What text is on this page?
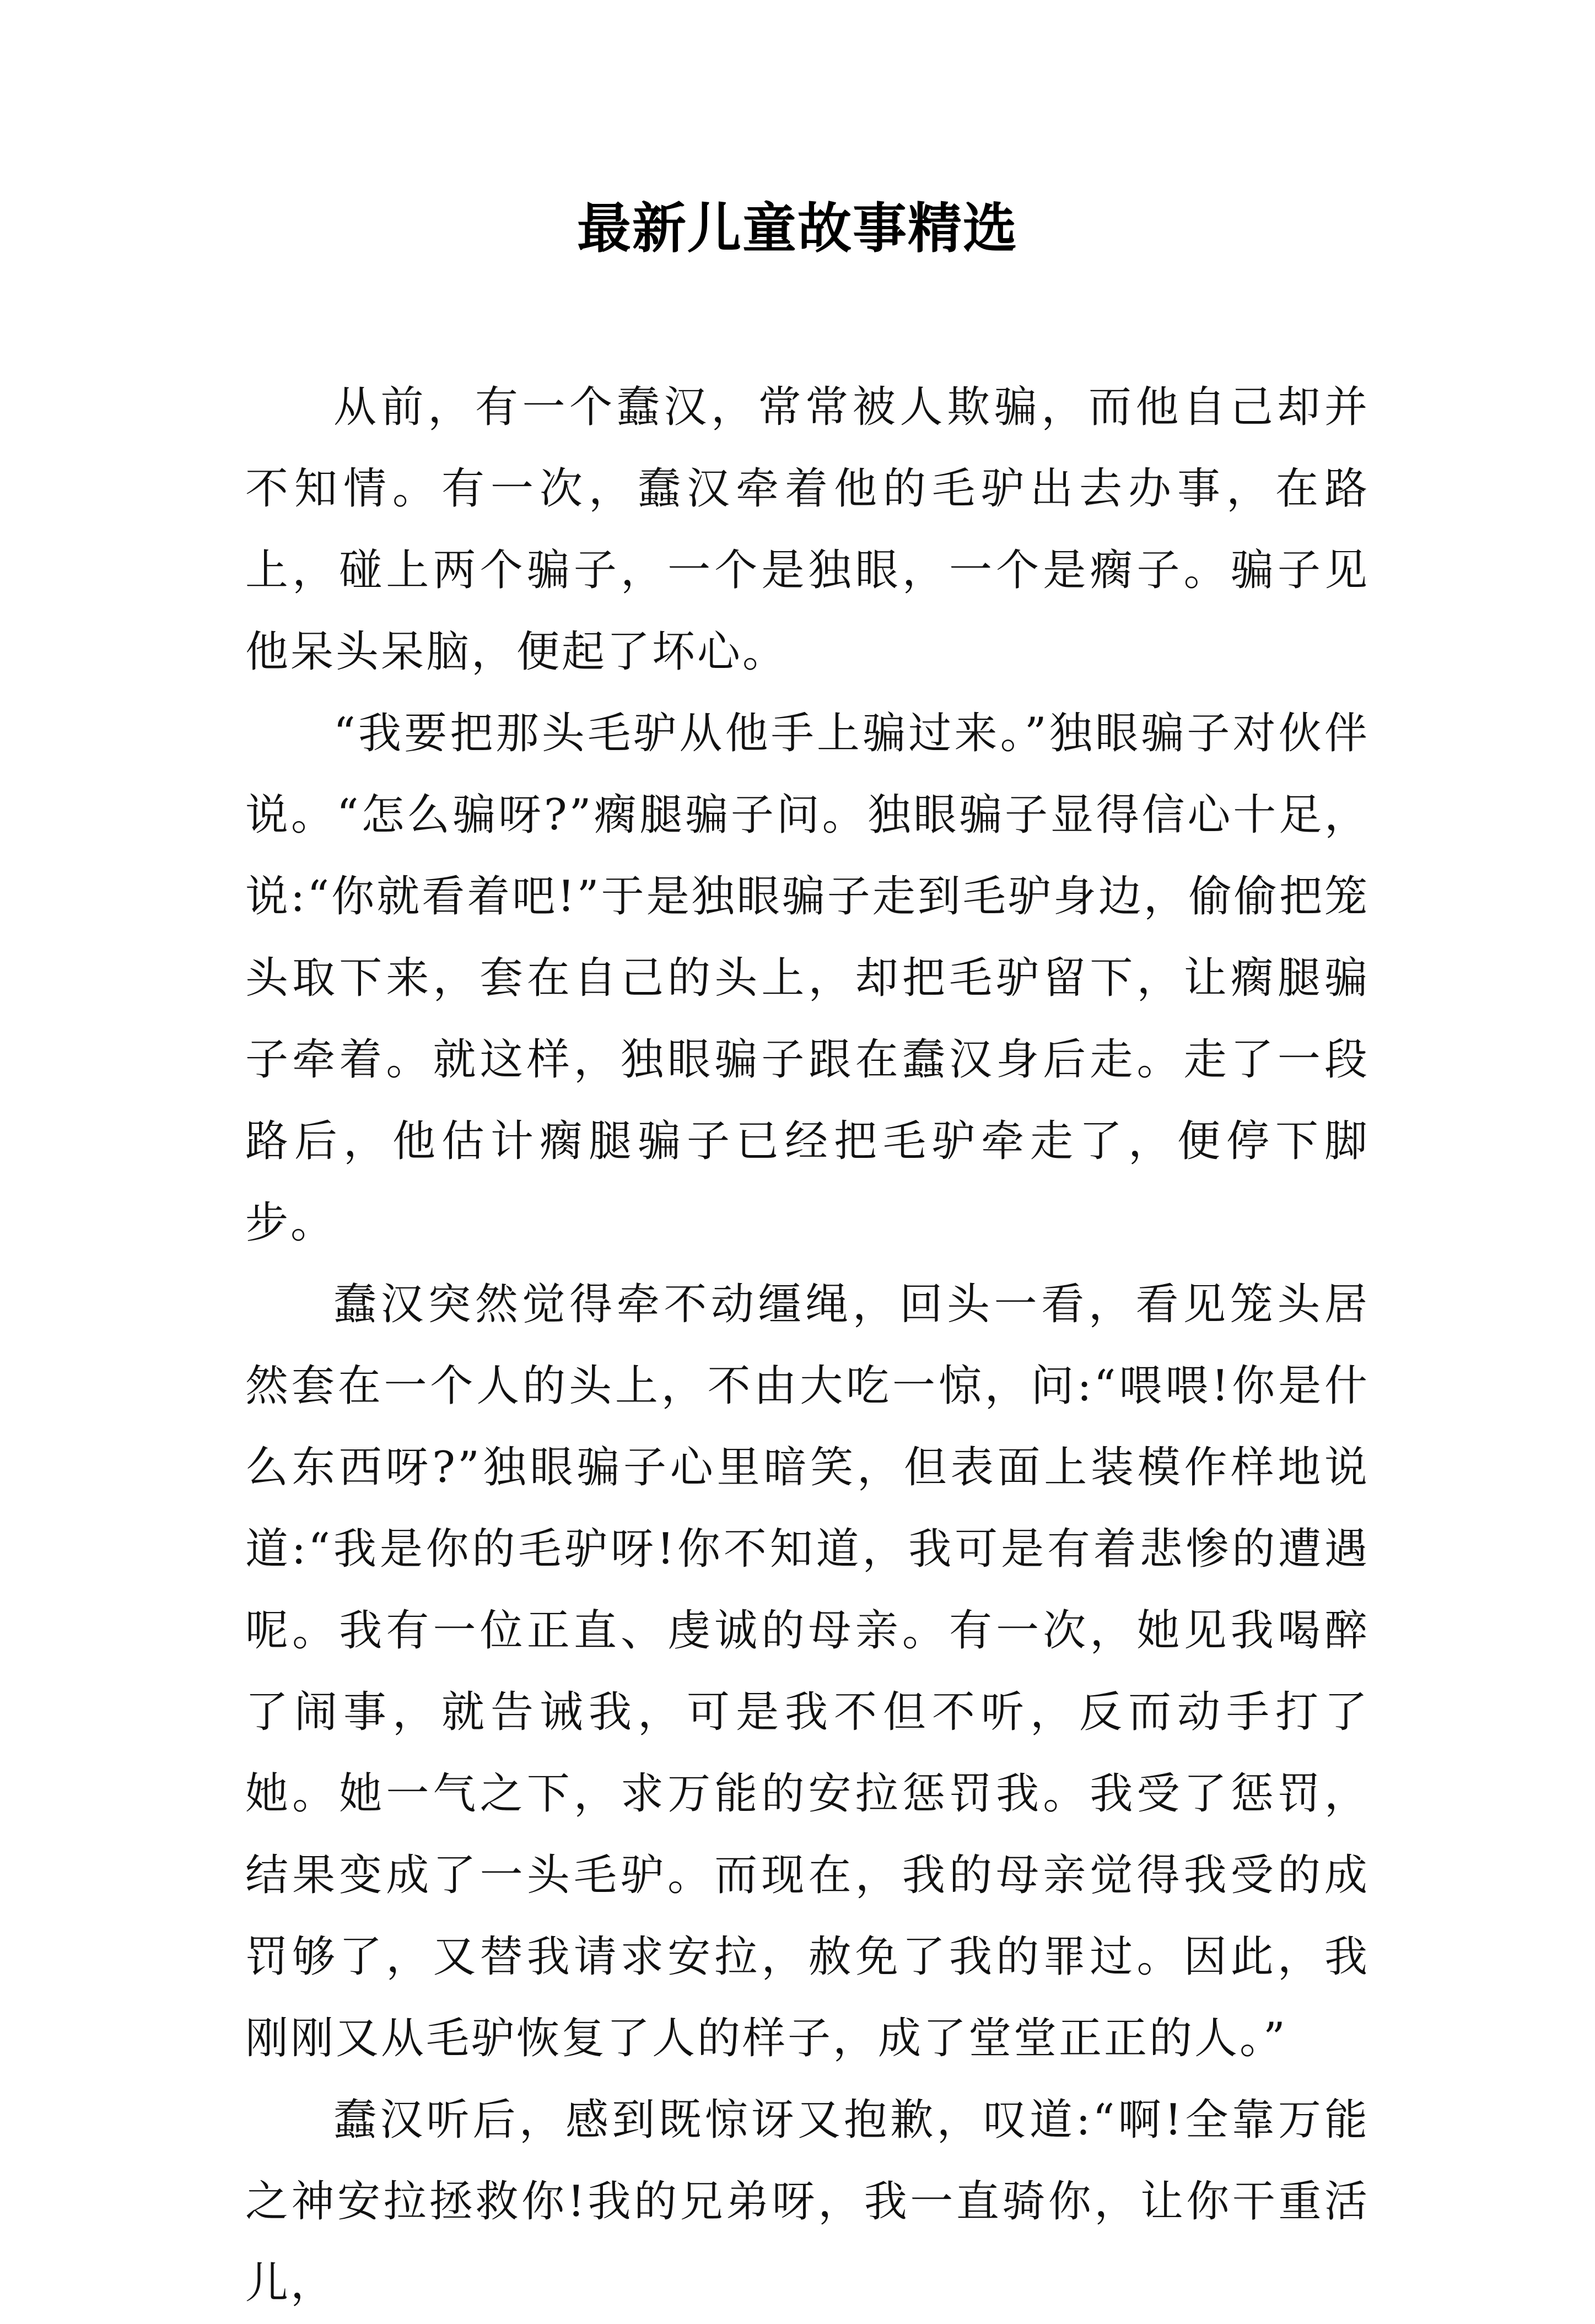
最新儿童故事精选

从前，有一个蠢汉，常常被人欺骗，而他自己却并不知情。有一次，蠢汉牵着他的毛驴出去办事，在路上，碰上两个骗子，一个是独眼，一个是瘸子。骗子见他呆头呆脑，便起了坏心。

“我要把那头毛驴从他手上骗过来。”独眼骗子对伙伴说。“怎么骗呀?”瘸腿骗子问。独眼骗子显得信心十足，说:“你就看着吧!”于是独眼骗子走到毛驴身边，偷偷把笼头取下来，套在自己的头上，却把毛驴留下，让瘸腿骗子牵着。就这样，独眼骗子跟在蠢汉身后走。走了一段路后，他估计瘸腿骗子已经把毛驴牵走了，便停下脚步。

蠢汉突然觉得牵不动缰绳，回头一看，看见笼头居然套在一个人的头上，不由大吃一惊，问:“喂喂!你是什么东西呀?”独眼骗子心里暗笑，但表面上装模作样地说道:“我是你的毛驴呀!你不知道，我可是有着悲惨的遭遇呢。我有一位正直、虔诚的母亲。有一次，她见我喝醉了闹事，就告诫我，可是我不但不听，反而动手打了她。她一气之下，求万能的安拉惩罚我。我受了惩罚，结果变成了一头毛驴。而现在，我的母亲觉得我受的成罚够了，又替我请求安拉，赦免了我的罪过。因此，我刚刚又从毛驴恢复了人的样子，成了堂堂正正的人。”

蠢汉听后，感到既惊讶又抱歉，叹道:“啊!全靠万能之神安拉拯救你!我的兄弟呀，我一直骑你，让你干重活儿，
